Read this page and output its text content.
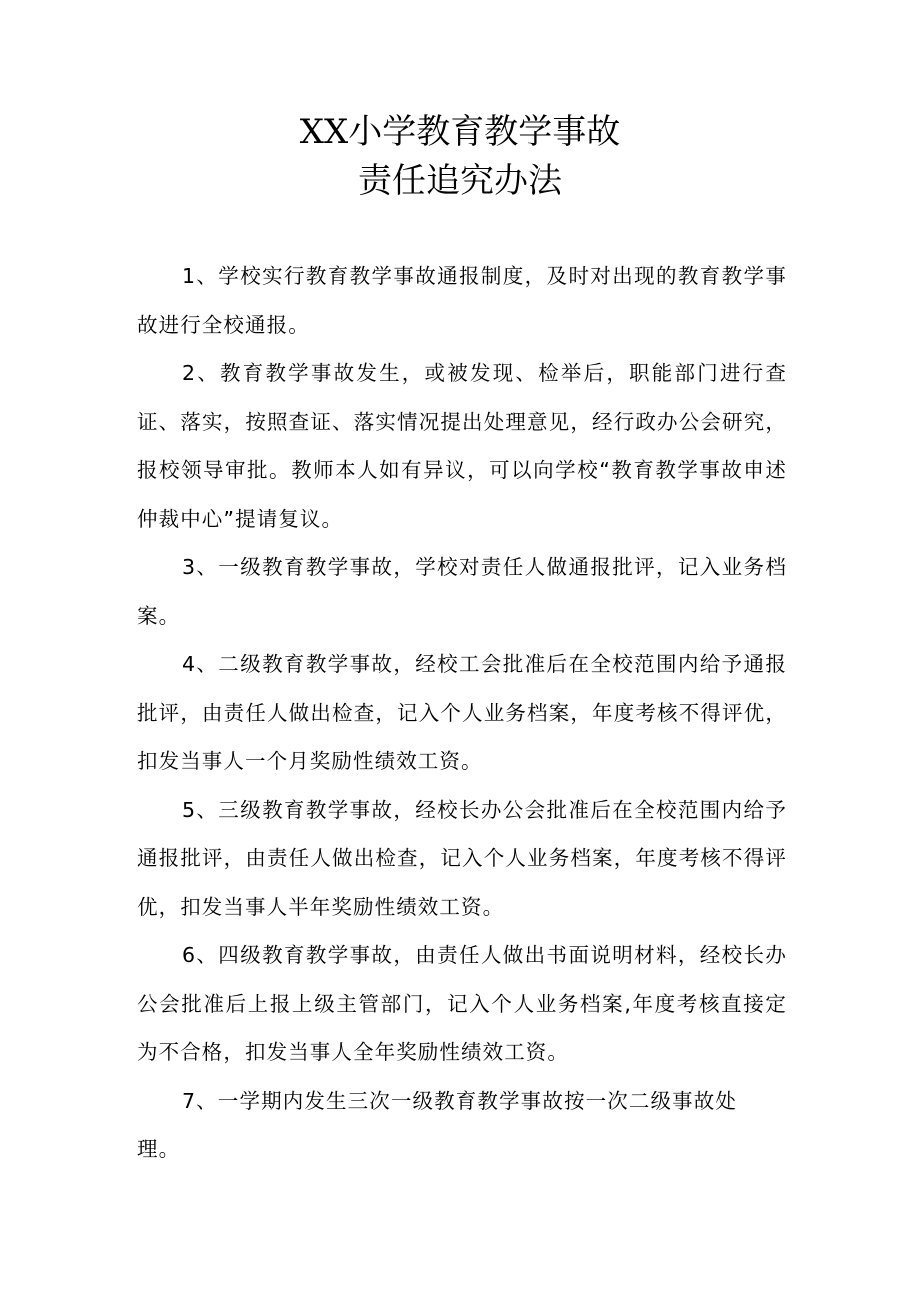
XX小学教育教学事故
责任追究办法

1、学校实行教育教学事故通报制度，及时对出现的教育教学事故进行全校通报。

2、教育教学事故发生，或被发现、检举后，职能部门进行查证、落实，按照查证、落实情况提出处理意见，经行政办公会研究，报校领导审批。教师本人如有异议，可以向学校“教育教学事故申述仲裁中心”提请复议。

3、一级教育教学事故，学校对责任人做通报批评，记入业务档案。

4、二级教育教学事故，经校工会批准后在全校范围内给予通报批评，由责任人做出检查，记入个人业务档案，年度考核不得评优，扣发当事人一个月奖励性绩效工资。

5、三级教育教学事故，经校长办公会批准后在全校范围内给予通报批评，由责任人做出检查，记入个人业务档案，年度考核不得评优，扣发当事人半年奖励性绩效工资。

6、四级教育教学事故，由责任人做出书面说明材料，经校长办公会批准后上报上级主管部门，记入个人业务档案,年度考核直接定为不合格，扣发当事人全年奖励性绩效工资。

7、一学期内发生三次一级教育教学事故按一次二级事故处理。
